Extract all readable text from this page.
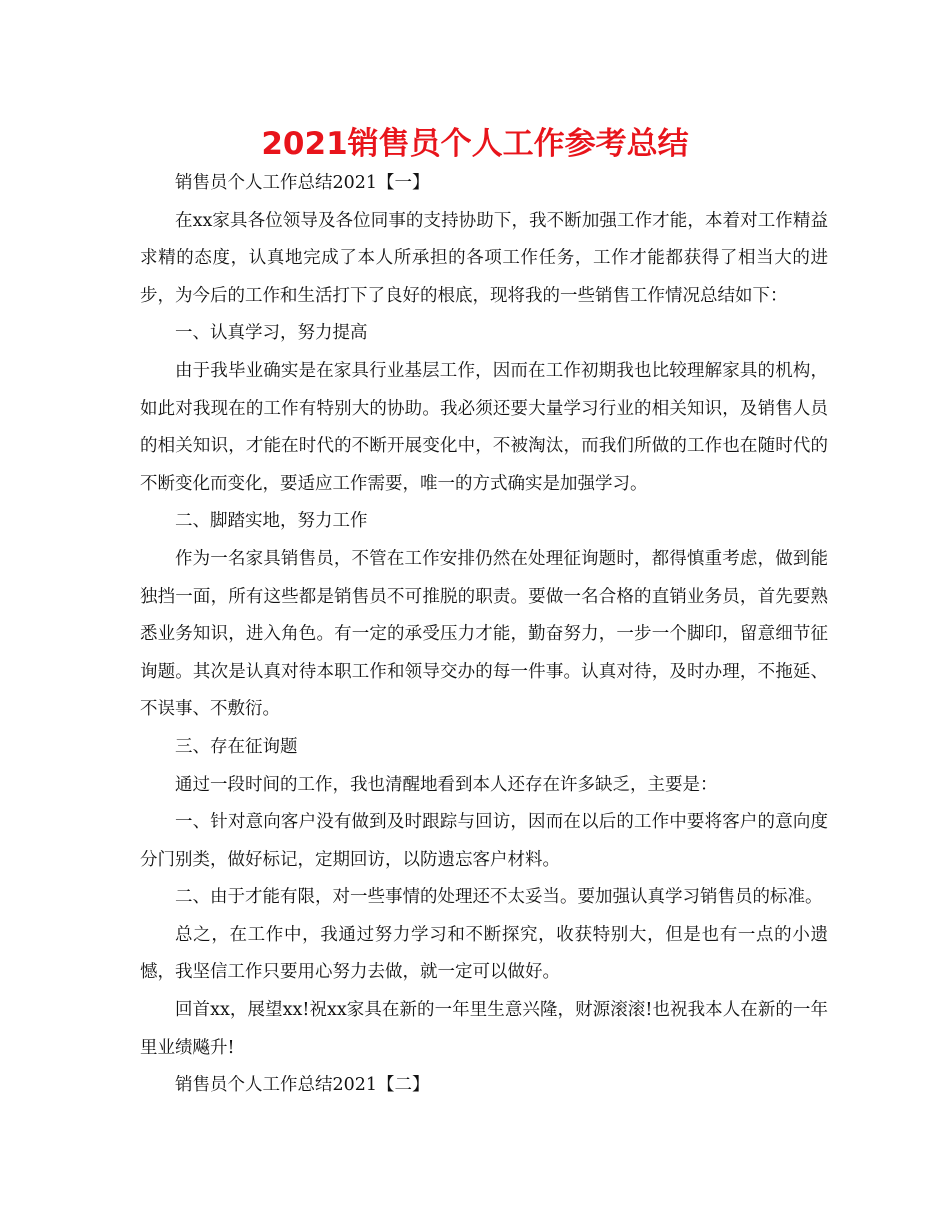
2021销售员个人工作参考总结

销售员个人工作总结2021【一】

在xx家具各位领导及各位同事的支持协助下，我不断加强工作才能，本着对工作精益求精的态度，认真地完成了本人所承担的各项工作任务，工作才能都获得了相当大的进步，为今后的工作和生活打下了良好的根底，现将我的一些销售工作情况总结如下：

一、认真学习，努力提高

由于我毕业确实是在家具行业基层工作，因而在工作初期我也比较理解家具的机构，如此对我现在的工作有特别大的协助。我必须还要大量学习行业的相关知识，及销售人员的相关知识，才能在时代的不断开展变化中，不被淘汰，而我们所做的工作也在随时代的不断变化而变化，要适应工作需要，唯一的方式确实是加强学习。

二、脚踏实地，努力工作

作为一名家具销售员，不管在工作安排仍然在处理征询题时，都得慎重考虑，做到能独挡一面，所有这些都是销售员不可推脱的职责。要做一名合格的直销业务员，首先要熟悉业务知识，进入角色。有一定的承受压力才能，勤奋努力，一步一个脚印，留意细节征询题。其次是认真对待本职工作和领导交办的每一件事。认真对待，及时办理，不拖延、不误事、不敷衍。

三、存在征询题

通过一段时间的工作，我也清醒地看到本人还存在许多缺乏，主要是：

一、针对意向客户没有做到及时跟踪与回访，因而在以后的工作中要将客户的意向度分门别类，做好标记，定期回访，以防遗忘客户材料。

二、由于才能有限，对一些事情的处理还不太妥当。要加强认真学习销售员的标准。

总之，在工作中，我通过努力学习和不断探究，收获特别大，但是也有一点的小遗憾，我坚信工作只要用心努力去做，就一定可以做好。

回首xx，展望xx!祝xx家具在新的一年里生意兴隆，财源滚滚!也祝我本人在新的一年里业绩飚升!

销售员个人工作总结2021【二】
